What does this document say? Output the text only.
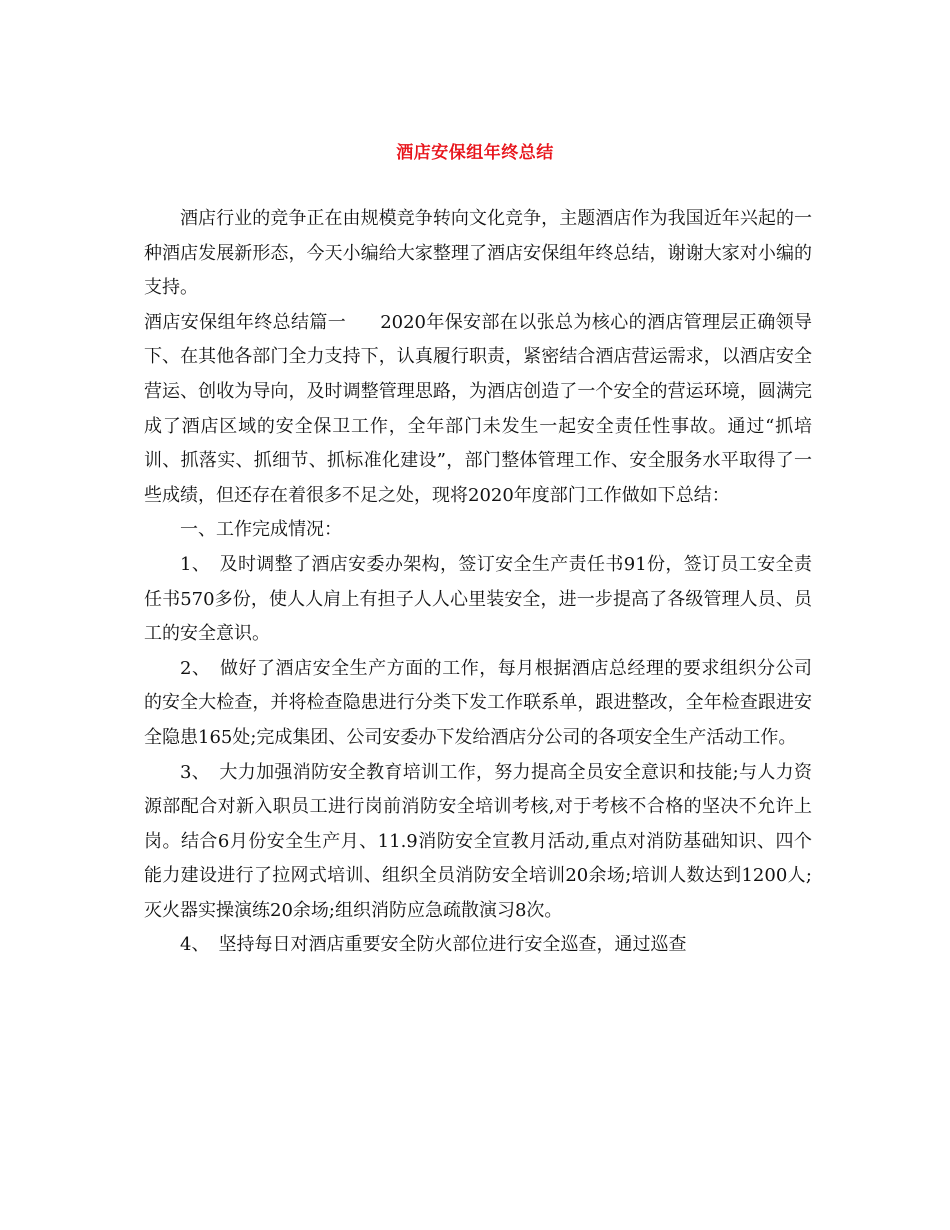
酒店安保组年终总结

酒店行业的竞争正在由规模竞争转向文化竞争，主题酒店作为我国近年兴起的一种酒店发展新形态，今天小编给大家整理了酒店安保组年终总结，谢谢大家对小编的支持。

酒店安保组年终总结篇一 2020年保安部在以张总为核心的酒店管理层正确领导下、在其他各部门全力支持下，认真履行职责，紧密结合酒店营运需求，以酒店安全营运、创收为导向，及时调整管理思路，为酒店创造了一个安全的营运环境，圆满完成了酒店区域的安全保卫工作，全年部门未发生一起安全责任性事故。通过“抓培训、抓落实、抓细节、抓标准化建设”，部门整体管理工作、安全服务水平取得了一些成绩，但还存在着很多不足之处，现将2020年度部门工作做如下总结：

一、工作完成情况：

1、　及时调整了酒店安委办架构，签订安全生产责任书91份，签订员工安全责任书570多份，使人人肩上有担子人人心里装安全，进一步提高了各级管理人员、员工的安全意识。

2、　做好了酒店安全生产方面的工作，每月根据酒店总经理的要求组织分公司的安全大检查，并将检查隐患进行分类下发工作联系单，跟进整改，全年检查跟进安全隐患165处;完成集团、公司安委办下发给酒店分公司的各项安全生产活动工作。

3、　大力加强消防安全教育培训工作，努力提高全员安全意识和技能;与人力资源部配合对新入职员工进行岗前消防安全培训考核,对于考核不合格的坚决不允许上岗。结合6月份安全生产月、11.9消防安全宣教月活动,重点对消防基础知识、四个能力建设进行了拉网式培训、组织全员消防安全培训20余场;培训人数达到1200人;灭火器实操演练20余场;组织消防应急疏散演习8次。

4、　坚持每日对酒店重要安全防火部位进行安全巡查，通过巡查
